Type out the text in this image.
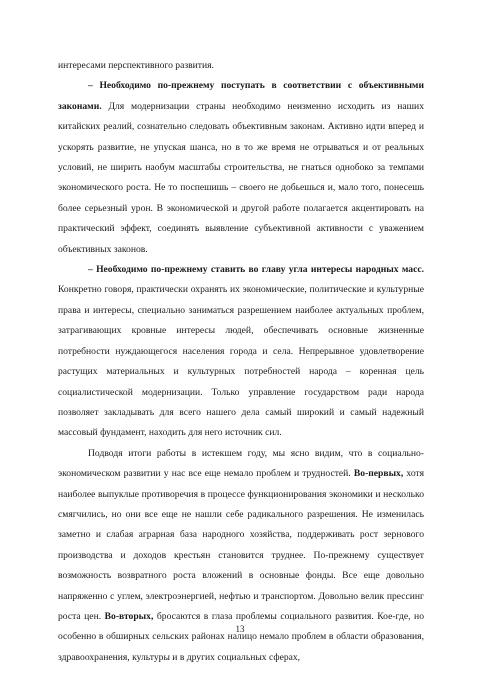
интересами перспективного развития.

– Необходимо по-прежнему поступать в соответствии с объективными законами. Для модернизации страны необходимо неизменно исходить из наших китайских реалий, сознательно следовать объективным законам. Активно идти вперед и ускорять развитие, не упуская шанса, но в то же время не отрываться и от реальных условий, не ширить наобум масштабы строительства, не гнаться однобоко за темпами экономического роста. Не то поспешишь – своего не добьешься и, мало того, понесешь более серьезный урон. В экономической и другой работе полагается акцентировать на практический эффект, соединять выявление субъективной активности с уважением объективных законов.

– Необходимо по-прежнему ставить во главу угла интересы народных масс. Конкретно говоря, практически охранять их экономические, политические и культурные права и интересы, специально заниматься разрешением наиболее актуальных проблем, затрагивающих кровные интересы людей, обеспечивать основные жизненные потребности нуждающегося населения города и села. Непрерывное удовлетворение растущих материальных и культурных потребностей народа – коренная цель социалистической модернизации. Только управление государством ради народа позволяет закладывать для всего нашего дела самый широкий и самый надежный массовый фундамент, находить для него источник сил.

Подводя итоги работы в истекшем году, мы ясно видим, что в социально-экономическом развитии у нас все еще немало проблем и трудностей. Во-первых, хотя наиболее выпуклые противоречия в процессе функционирования экономики и несколько смягчились, но они все еще не нашли себе радикального разрешения. Не изменилась заметно и слабая аграрная база народного хозяйства, поддерживать рост зернового производства и доходов крестьян становится труднее. По-прежнему существует возможность возвратного роста вложений в основные фонды. Все еще довольно напряженно с углем, электроэнергией, нефтью и транспортом. Довольно велик прессинг роста цен. Во-вторых, бросаются в глаза проблемы социального развития. Кое-где, но особенно в обширных сельских районах налицо немало проблем в области образования, здравоохранения, культуры и в других социальных сферах,

13
